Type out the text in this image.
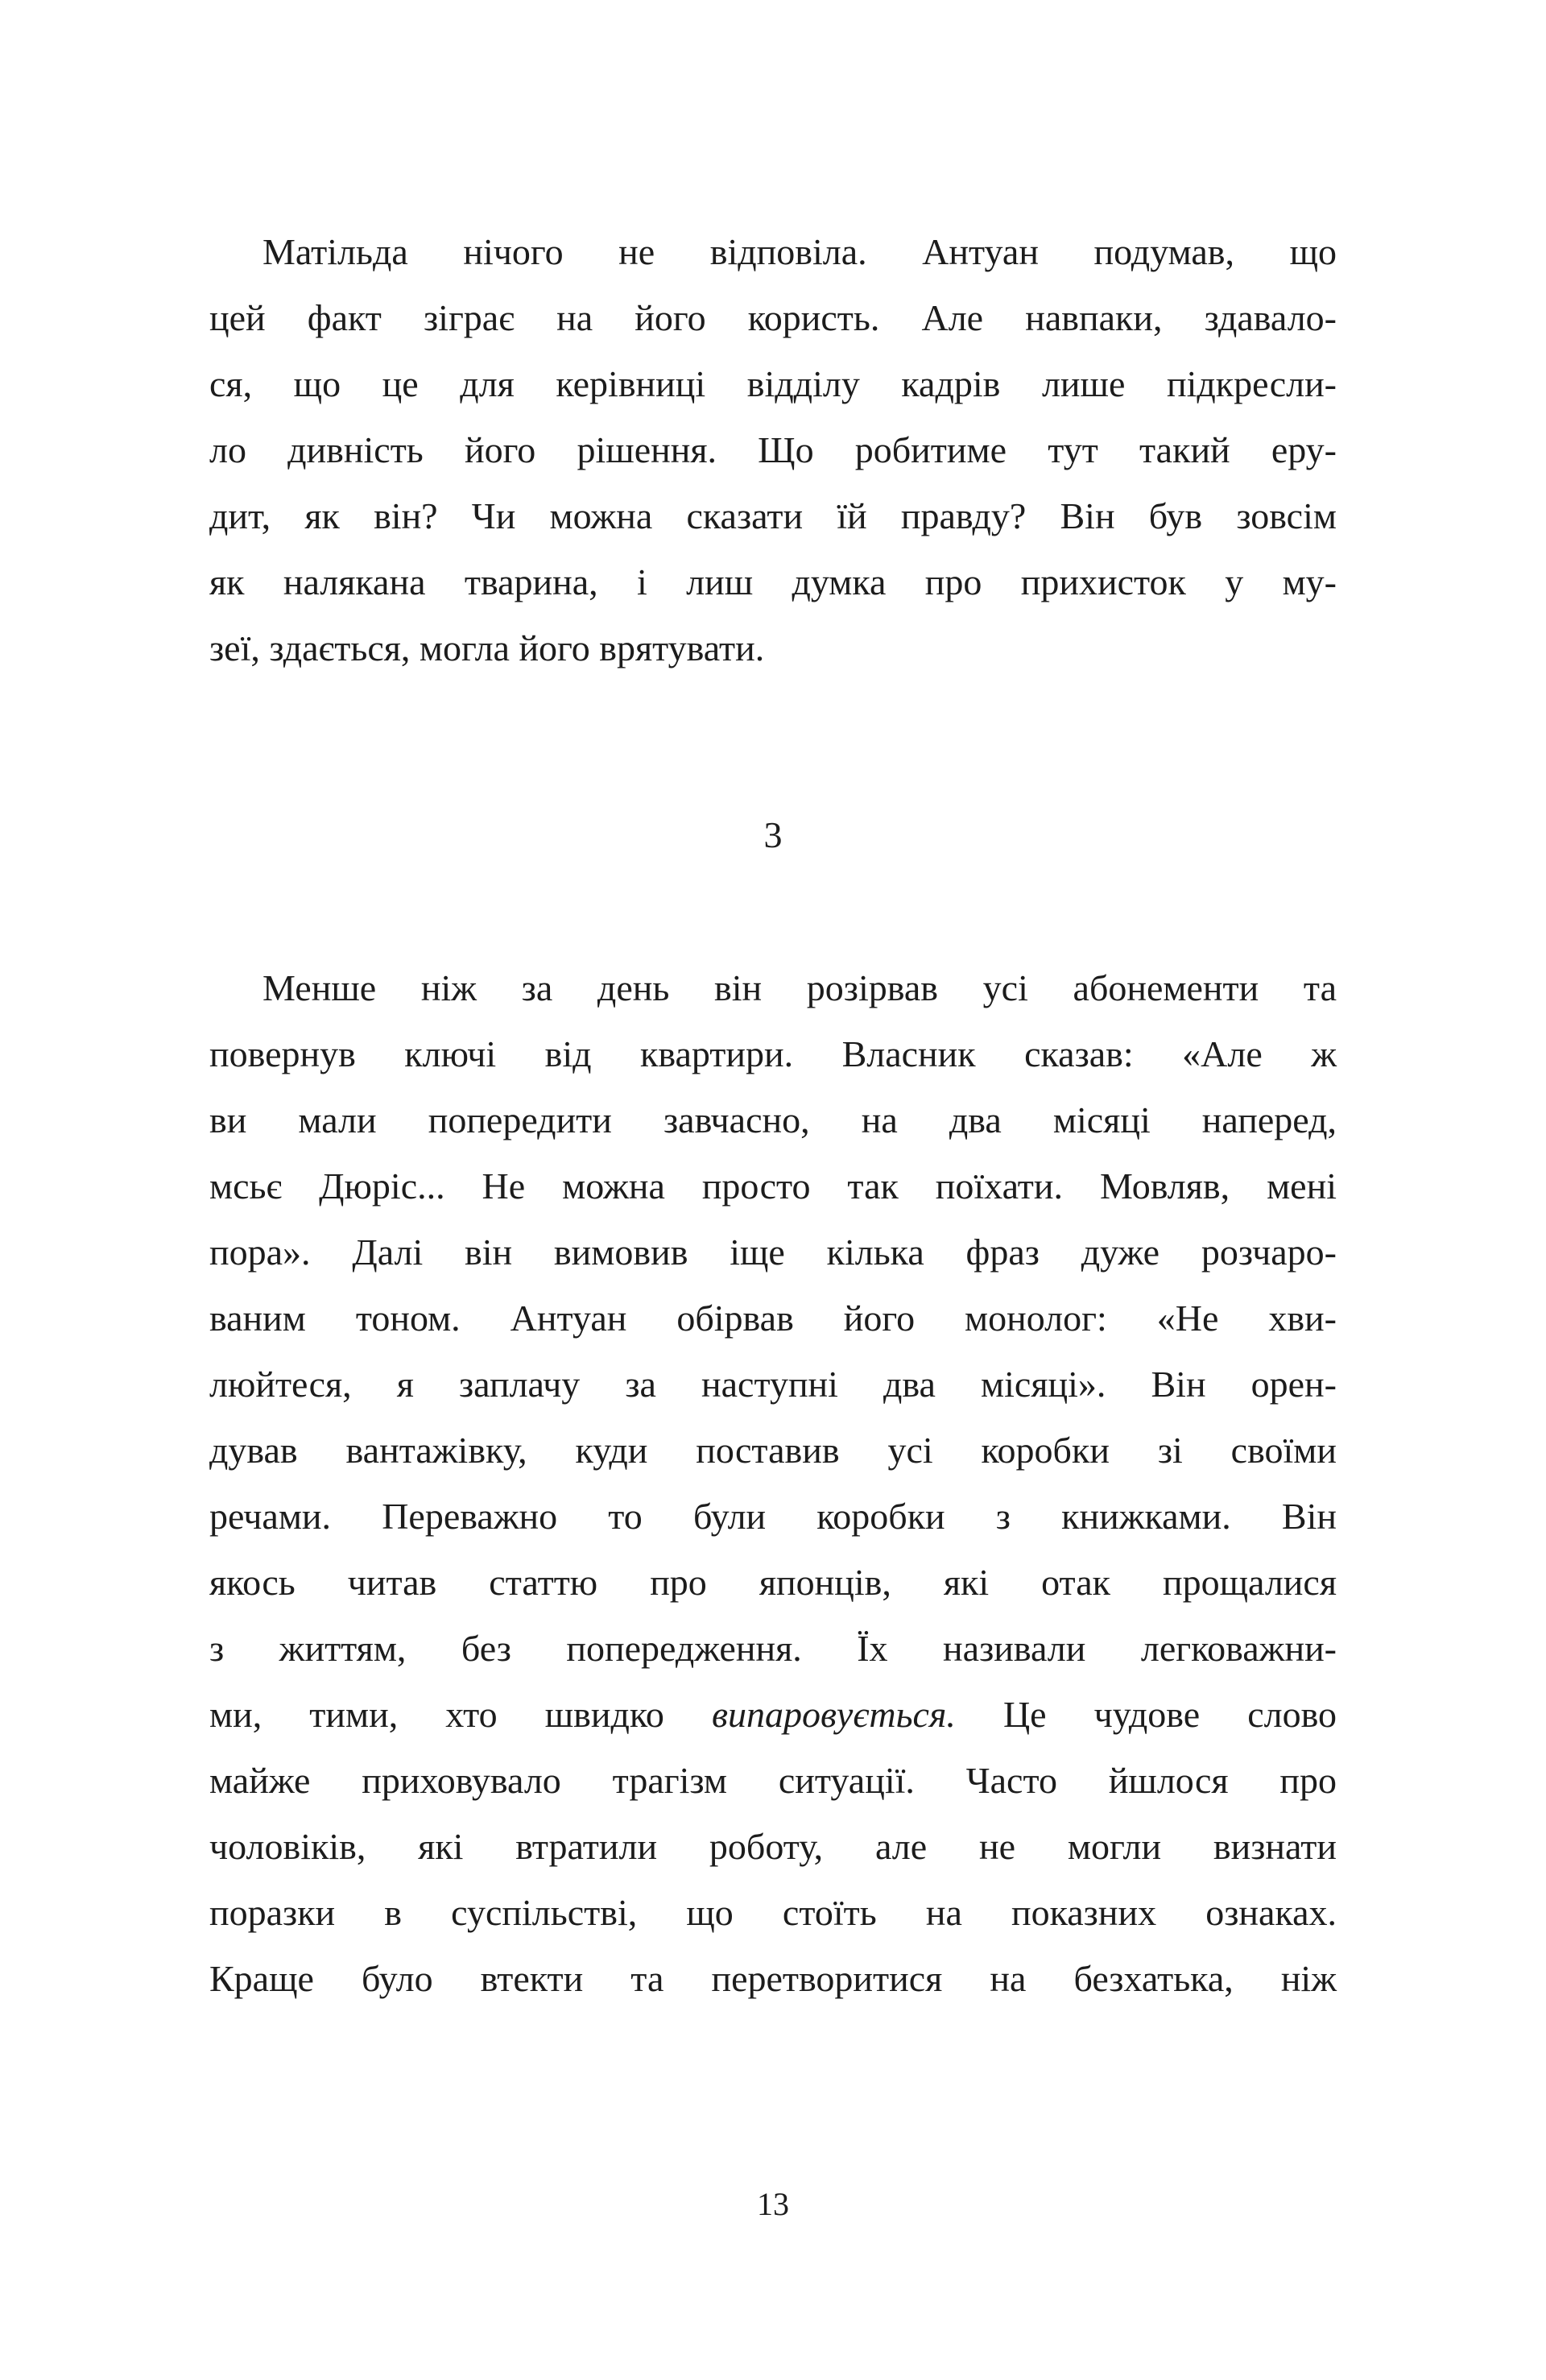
Матільда нічого не відповіла. Антуан подумав, що
цей факт зіграє на його користь. Але навпаки, здавало-
ся, що це для керівниці відділу кадрів лише підкресли-
ло дивність його рішення. Що робитиме тут такий еру-
дит, як він? Чи можна сказати їй правду? Він був зовсім
як налякана тварина, і лиш думка про прихисток у му-
зеї, здається, могла його врятувати.
3
Менше ніж за день він розірвав усі абонементи та
повернув ключі від квартири. Власник сказав: «Але ж
ви мали попередити завчасно, на два місяці наперед,
мсьє Дюріс... Не можна просто так поїхати. Мовляв, мені
пора». Далі він вимовив іще кілька фраз дуже розчаро-
ваним тоном. Антуан обірвав його монолог: «Не хви-
люйтеся, я заплачу за наступні два місяці». Він орен-
дував вантажівку, куди поставив усі коробки зі своїми
речами. Переважно то були коробки з книжками. Він
якось читав статтю про японців, які отак прощалися
з життям, без попередження. Їх називали легковажни-
ми, тими, хто швидко випаровується. Це чудове слово
майже приховувало трагізм ситуації. Часто йшлося про
чоловіків, які втратили роботу, але не могли визнати
поразки в суспільстві, що стоїть на показних ознаках.
Краще було втекти та перетворитися на безхатька, ніж
13
